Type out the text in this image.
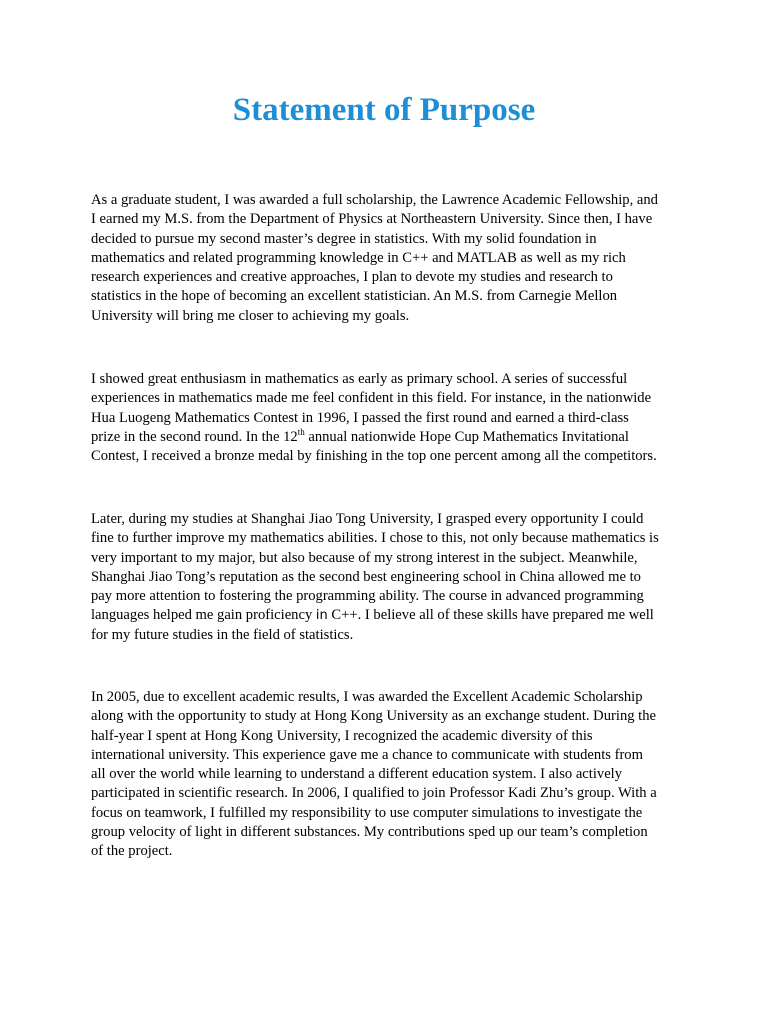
Statement of Purpose

As a graduate student, I was awarded a full scholarship, the Lawrence Academic Fellowship, and
I earned my M.S. from the Department of Physics at Northeastern University. Since then, I have
decided to pursue my second master’s degree in statistics. With my solid foundation in
mathematics and related programming knowledge in C++ and MATLAB as well as my rich
research experiences and creative approaches, I plan to devote my studies and research to
statistics in the hope of becoming an excellent statistician. An M.S. from Carnegie Mellon
University will bring me closer to achieving my goals.

I showed great enthusiasm in mathematics as early as primary school. A series of successful
experiences in mathematics made me feel confident in this field. For instance, in the nationwide
Hua Luogeng Mathematics Contest in 1996, I passed the first round and earned a third-class
prize in the second round. In the 12th annual nationwide Hope Cup Mathematics Invitational
Contest, I received a bronze medal by finishing in the top one percent among all the competitors.

Later, during my studies at Shanghai Jiao Tong University, I grasped every opportunity I could
fine to further improve my mathematics abilities. I chose to this, not only because mathematics is
very important to my major, but also because of my strong interest in the subject. Meanwhile,
Shanghai Jiao Tong’s reputation as the second best engineering school in China allowed me to
pay more attention to fostering the programming ability. The course in advanced programming
languages helped me gain proficiency in C++. I believe all of these skills have prepared me well
for my future studies in the field of statistics.

In 2005, due to excellent academic results, I was awarded the Excellent Academic Scholarship
along with the opportunity to study at Hong Kong University as an exchange student. During the
half-year I spent at Hong Kong University, I recognized the academic diversity of this
international university. This experience gave me a chance to communicate with students from
all over the world while learning to understand a different education system. I also actively
participated in scientific research. In 2006, I qualified to join Professor Kadi Zhu’s group. With a
focus on teamwork, I fulfilled my responsibility to use computer simulations to investigate the
group velocity of light in different substances. My contributions sped up our team’s completion
of the project.
